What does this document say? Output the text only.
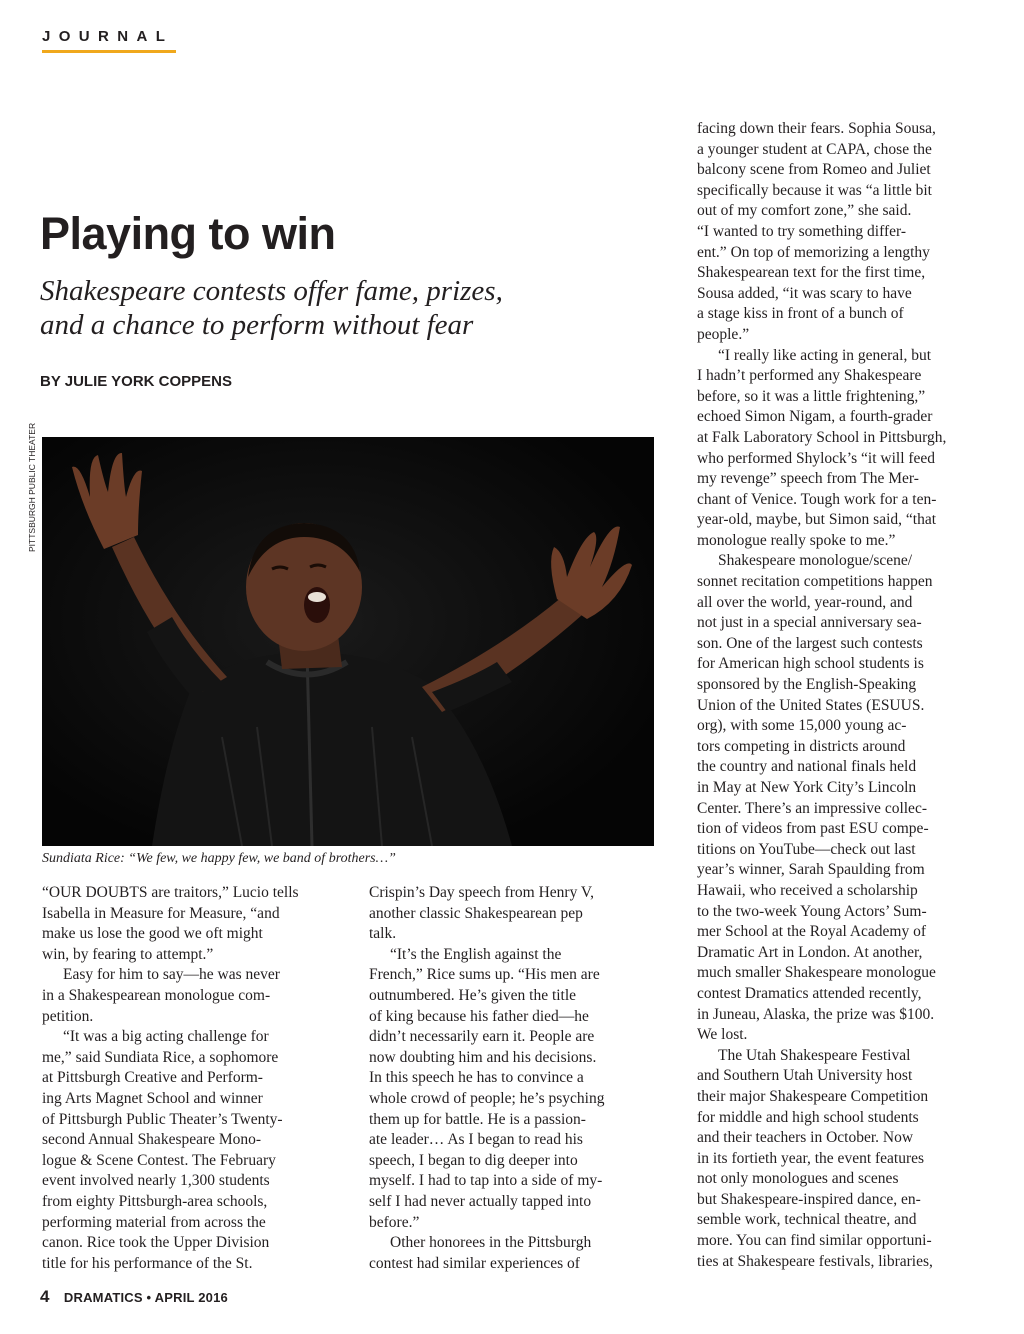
JOURNAL
Playing to win
Shakespeare contests offer fame, prizes,
and a chance to perform without fear
BY JULIE YORK COPPENS
PITTSBURGH PUBLIC THEATER
Sundiata Rice: “We few, we happy few, we band of brothers…”
“OUR DOUBTS are traitors,” Lucio tells
Isabella in Measure for Measure, “and
make us lose the good we oft might
win, by fearing to attempt.”
Easy for him to say—he was never
in a Shakespearean monologue com-
petition.
“It was a big acting challenge for
me,” said Sundiata Rice, a sophomore
at Pittsburgh Creative and Perform-
ing Arts Magnet School and winner
of Pittsburgh Public Theater’s Twenty-
second Annual Shakespeare Mono-
logue & Scene Contest. The February
event involved nearly 1,300 students
from eighty Pittsburgh-area schools,
performing material from across the
canon. Rice took the Upper Division
title for his performance of the St.
Crispin’s Day speech from Henry V,
another classic Shakespearean pep
talk.
“It’s the English against the
French,” Rice sums up. “His men are
outnumbered. He’s given the title
of king because his father died—he
didn’t necessarily earn it. People are
now doubting him and his decisions.
In this speech he has to convince a
whole crowd of people; he’s psyching
them up for battle. He is a passion-
ate leader… As I began to read his
speech, I began to dig deeper into
myself. I had to tap into a side of my-
self I had never actually tapped into
before.”
Other honorees in the Pittsburgh
contest had similar experiences of
facing down their fears. Sophia Sousa,
a younger student at CAPA, chose the
balcony scene from Romeo and Juliet
specifically because it was “a little bit
out of my comfort zone,” she said.
“I wanted to try something differ-
ent.” On top of memorizing a lengthy
Shakespearean text for the first time,
Sousa added, “it was scary to have
a stage kiss in front of a bunch of
people.”
“I really like acting in general, but
I hadn’t performed any Shakespeare
before, so it was a little frightening,”
echoed Simon Nigam, a fourth-grader
at Falk Laboratory School in Pittsburgh,
who performed Shylock’s “it will feed
my revenge” speech from The Mer-
chant of Venice. Tough work for a ten-
year-old, maybe, but Simon said, “that
monologue really spoke to me.”
Shakespeare monologue/scene/
sonnet recitation competitions happen
all over the world, year-round, and
not just in a special anniversary sea-
son. One of the largest such contests
for American high school students is
sponsored by the English-Speaking
Union of the United States (ESUUS.
org), with some 15,000 young ac-
tors competing in districts around
the country and national finals held
in May at New York City’s Lincoln
Center. There’s an impressive collec-
tion of videos from past ESU compe-
titions on YouTube—check out last
year’s winner, Sarah Spaulding from
Hawaii, who received a scholarship
to the two-week Young Actors’ Sum-
mer School at the Royal Academy of
Dramatic Art in London. At another,
much smaller Shakespeare monologue
contest Dramatics attended recently,
in Juneau, Alaska, the prize was $100.
We lost.
The Utah Shakespeare Festival
and Southern Utah University host
their major Shakespeare Competition
for middle and high school students
and their teachers in October. Now
in its fortieth year, the event features
not only monologues and scenes
but Shakespeare-inspired dance, en-
semble work, technical theatre, and
more. You can find similar opportuni-
ties at Shakespeare festivals, libraries,
4 DRAMATICS • APRIL 2016
